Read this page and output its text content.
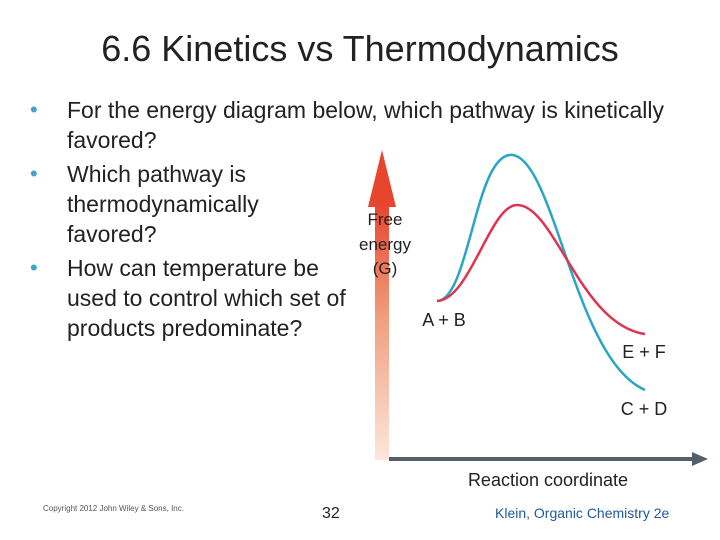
6.6 Kinetics vs Thermodynamics
• For the energy diagram below, which pathway is kinetically favored?
• Which pathway is thermodynamically favored?
• How can temperature be used to control which set of products predominate?
Free
energy
(G)
Reaction coordinate
A + B
E + F
C + D
Copyright 2012 John Wiley & Sons, Inc.	32	Klein, Organic Chemistry 2e
